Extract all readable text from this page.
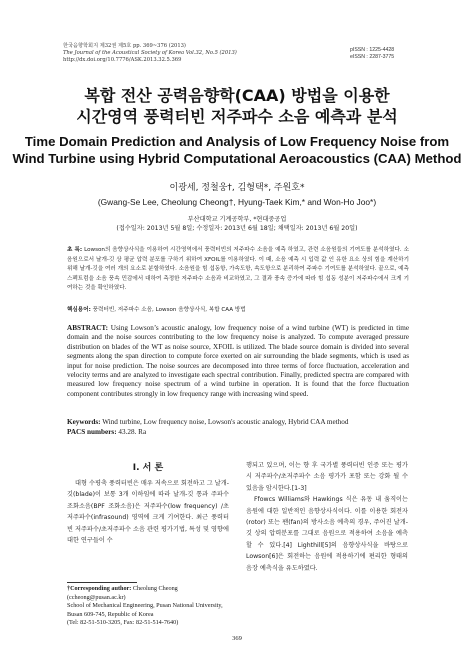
한국음향학회지 제32권 제5호 pp. 369~376 (2013)
The Journal of the Acoustical Society of Korea Vol.32, No.5 (2013)
http://dx.doi.org/10.7776/ASK.2013.32.5.369
pISSN : 1225-4428
eISSN : 2287-3775
복합 전산 공력음향학(CAA) 방법을 이용한
시간영역 풍력터빈 저주파수 소음 예측과 분석
Time Domain Prediction and Analysis of Low Frequency Noise from
Wind Turbine using Hybrid Computational Aeroacoustics (CAA) Method
이광세, 정철웅†, 김형택*, 주원호*
(Gwang-Se Lee, Cheolung Cheong†, Hyung-Taek Kim,* and Won-Ho Joo*)
부산대학교 기계공학부, *현대중공업
(접수일자: 2013년 5월 8일; 수정일자: 2013년 6월 18일; 채택일자: 2013년 6월 20일)
초 록: Lowson의 음향상사식을 이용하여 시간영역에서 풍력터빈의 저주파수 소음을 예측 하였고, 관련 소음원들의 기여도를 분석하였다. 소음원으로서 날개-깃 상 평균 압력 분포를 구하기 위하여 XFOIL를 이용하였다. 이 때, 소음 예측 시 입력 값 인 유한 요소 상의 힘을 계산하기 위해 날개-깃을 여러 개의 요소로 분할하였다. 소음원을 힘 섭동항, 가속도항, 속도항으로 분리하여 주파수 기여도를 분석하였다. 끝으로, 예측 스펙트럼을 소음 풍속 민감에서 대하여 측정한 저주파수 소음과 비교하였고, 그 결과 풍속 증가에 따라 힘 섭동 성분이 저주파수에서 크게 기여하는 것을 확인하였다.
핵심용어: 풍력터빈, 저주파수 소음, Lowson 음향상사식, 복합 CAA 방법
ABSTRACT: Using Lowson’s acoustic analogy, low frequency noise of a wind turbine (WT) is predicted in time domain and the noise sources contributing to the low frequency noise is analyzed. To compute averaged pressure distribution on blades of the WT as noise source, XFOIL is utilized. The blade source domain is divided into several segments along the span direction to compute force exerted on air surrounding the blade segments, which is used as input for noise prediction. The noise sources are decomposed into three terms of force fluctuation, acceleration and velocity terms and are analyzed to investigate each spectral contribution. Finally, predicted spectra are compared with measured low frequency noise spectrum of a wind turbine in operation. It is found that the force fluctuation component contributes strongly in low frequency range with increasing wind speed.
Keywords: Wind turbine, Low frequency noise, Lowson's acoustic analogy, Hybrid CAA method
PACS numbers: 43.28. Ra
I. 서 론
대형 수평축 풍력터빈은 매우 저속으로 회전하고 그 날개-깃(blade)이 보통 3개 이하임에 따라 날개-깃 통과 주파수 조화소음(BPF 조화소음)은 저주파수(low frequency) /초저주파수(infrasound) 영역에 크게 기여한다. 최근 풍력터빈 저주파수/초저주파수 소음 관련 평가기법, 특성 및 영향에 대한 연구들이 수
행되고 있으며, 이는 향 후 국가별 풍력터빈 인증 또는 평가 시 저주파수/초저주파수 소음 평가가 포함 또는 강화 될 수 있음을 암시한다.[1-3]
Ffowcs Williams와 Hawkings 식은 유동 내 움직이는 음원에 대한 일반적인 음향상사식이다. 이를 이용한 회전자(rotor) 또는 팬(fan)의 방사소음 예측의 경우, 주어진 날개-깃 상의 압력분포를 그대로 음원으로 적용하여 소음을 예측할 수 있다.[4] Lighthill[5]의 음향상사식을 바탕으로 Lowson[6]은 회전하는 음원에 적용하기에 편리한 형태의 음장 예측식을 유도하였다.
†Corresponding author: Cheolung Cheong (ccheong@pusan.ac.kr)
School of Mechanical Engineering, Pusan National University,
Busan 609-745, Republic of Korea
(Tel: 82-51-510-3205, Fax: 82-51-514-7640)
369
